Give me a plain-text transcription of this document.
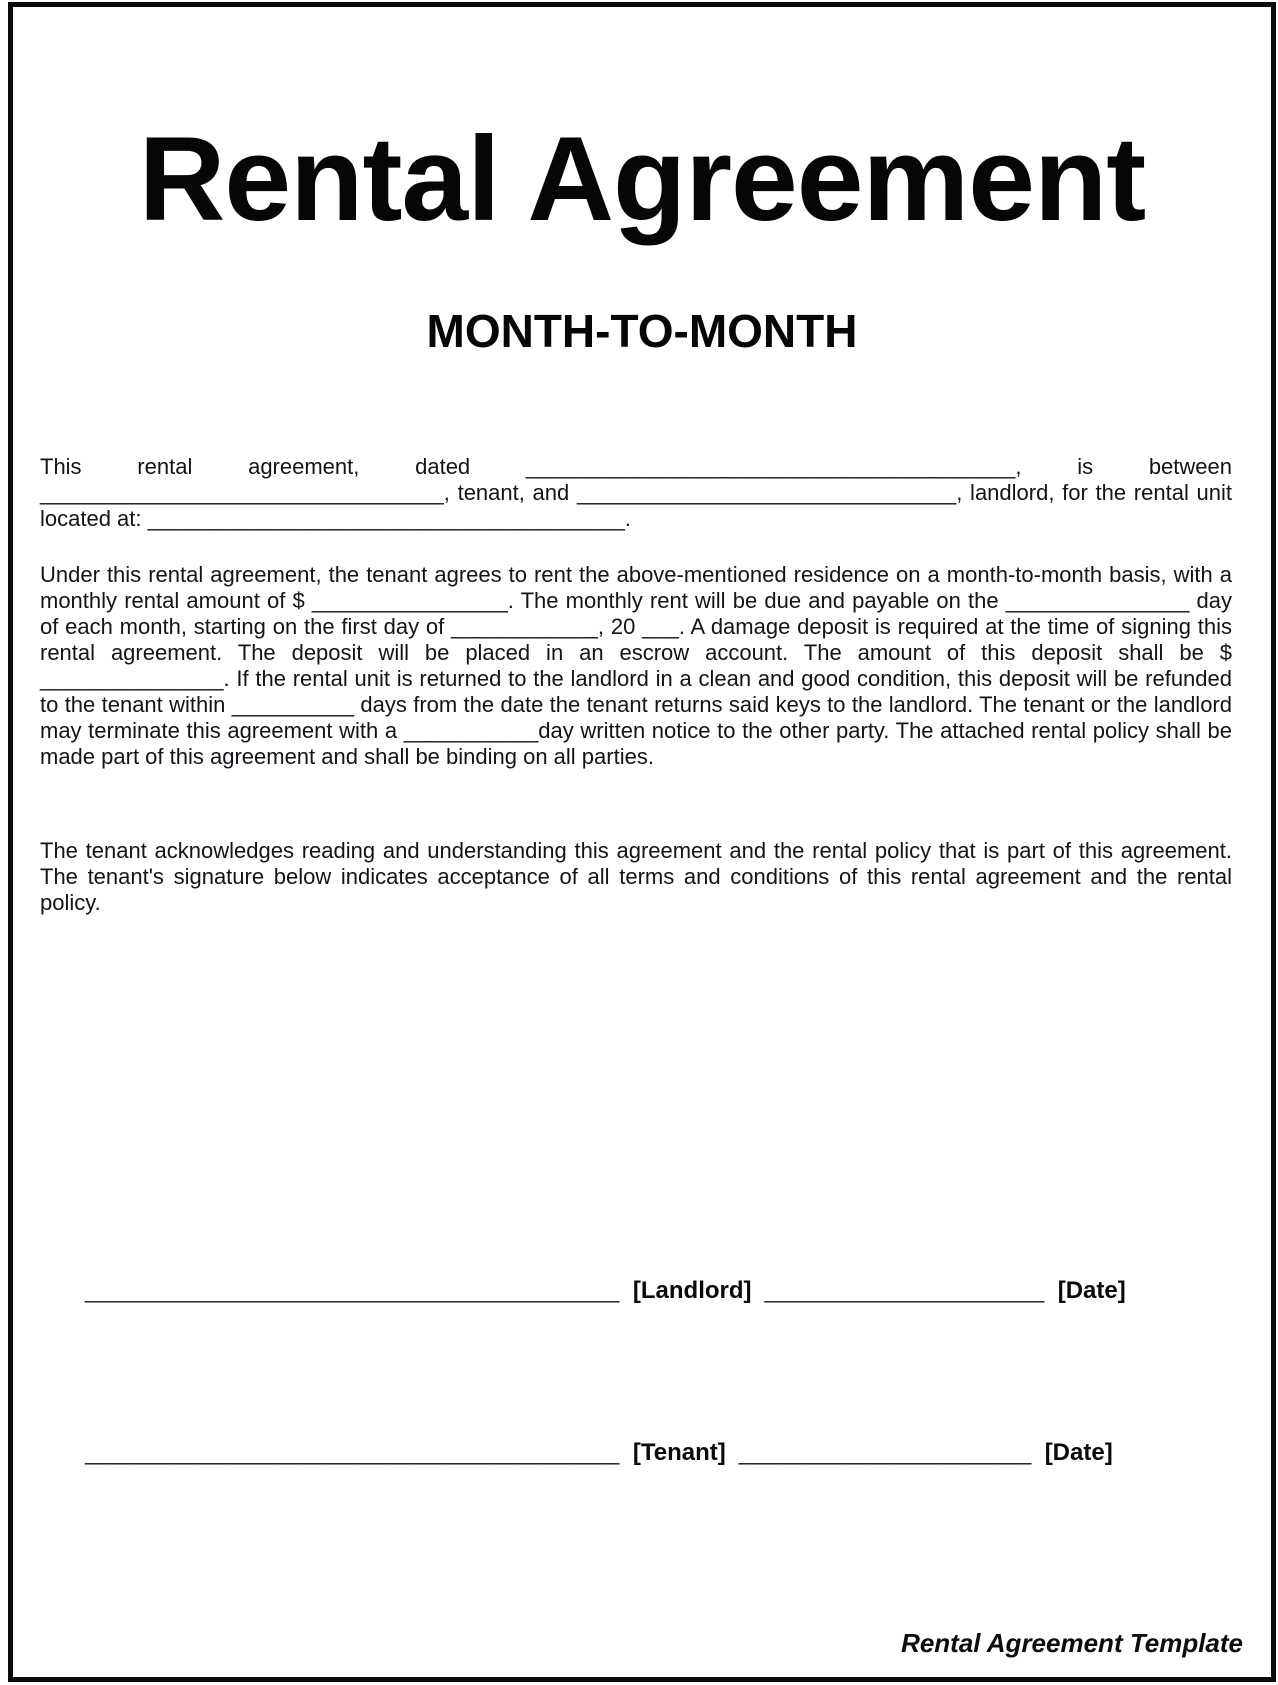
Rental Agreement
MONTH-TO-MONTH

This rental agreement, dated ________________________________________, is between _________________________________, tenant, and _______________________________, landlord, for the rental unit located at: _______________________________________.

Under this rental agreement, the tenant agrees to rent the above-mentioned residence on a month-to-month basis, with a monthly rental amount of $ ________________. The monthly rent will be due and payable on the _______________ day of each month, starting on the first day of ____________, 20 ___. A damage deposit is required at the time of signing this rental agreement. The deposit will be placed in an escrow account. The amount of this deposit shall be $ _______________. If the rental unit is returned to the landlord in a clean and good condition, this deposit will be refunded to the tenant within __________ days from the date the tenant returns said keys to the landlord. The tenant or the landlord may terminate this agreement with a ___________day written notice to the other party. The attached rental policy shall be made part of this agreement and shall be binding on all parties.

The tenant acknowledges reading and understanding this agreement and the rental policy that is part of this agreement. The tenant's signature below indicates acceptance of all terms and conditions of this rental agreement and the rental policy.

__________________________________________ [Landlord] ______________________ [Date]
__________________________________________ [Tenant] _______________________ [Date]
Rental Agreement Template
